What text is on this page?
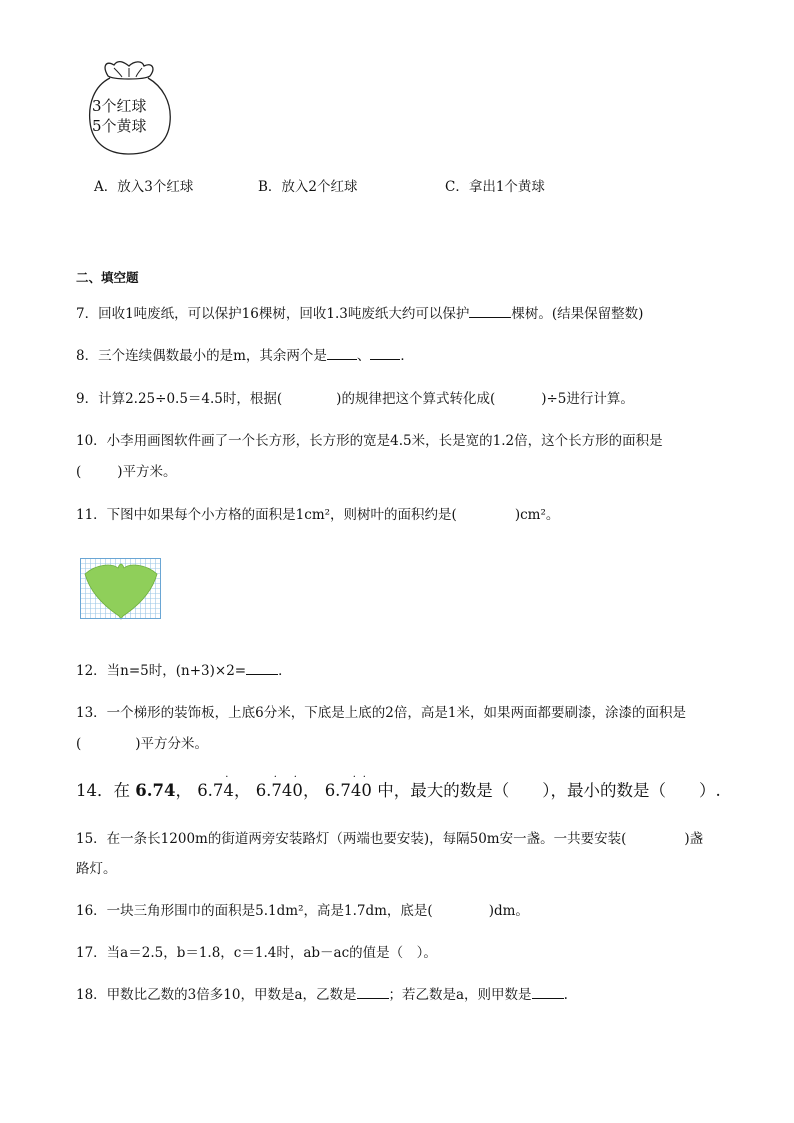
3个红球
5个黄球
A．放入3个红球	B．放入2个红球	C．拿出1个黄球
二、填空题
7．回收1吨废纸，可以保护16棵树，回收1.3吨废纸大约可以保护	棵树。(结果保留整数)
8．三个连续偶数最小的是m，其余两个是 、 ．
9．计算2.25÷0.5＝4.5时，根据(	)的规律把这个算式转化成(	)÷5进行计算。
10．小李用画图软件画了一个长方形，长方形的宽是4.5米，长是宽的1.2倍，这个长方形的面积是
(	)平方米。
11．下图中如果每个小方格的面积是1cm²，则树叶的面积约是(	)cm²。
12．当n=5时，(n+3)×2= ．
13．一个梯形的装饰板，上底6分米，下底是上底的2倍，高是1米，如果两面都要刷漆，涂漆的面积是
(	)平方分米。
14．在 6.74， 6.74
·
， 6.740
· ·
， 6.740
· ·
中，最大的数是（　　），最小的数是（　　）.
15．在一条长1200m的街道两旁安装路灯（两端也要安装)，每隔50m安一盏。一共要安装(	)盏
路灯。
16．一块三角形围巾的面积是5.1dm²，高是1.7dm，底是(	)dm。
17．当a＝2.5，b＝1.8，c＝1.4时，ab－ac的值是（　）。
18．甲数比乙数的3倍多10，甲数是a，乙数是 ；若乙数是a，则甲数是 .
